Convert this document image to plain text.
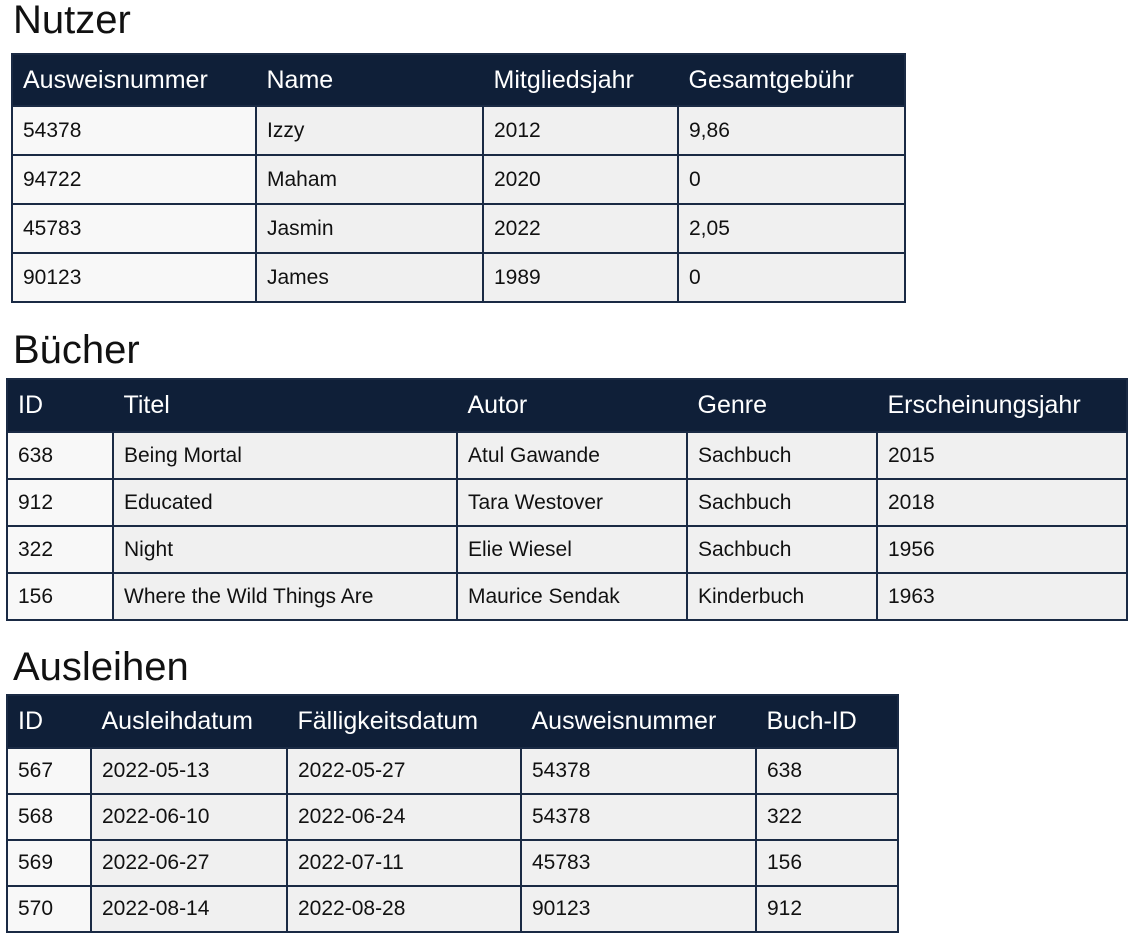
Nutzer
Ausweisnummer	Name	Mitgliedsjahr	Gesamtgebühr
54378	Izzy	2012	9,86
94722	Maham	2020	0
45783	Jasmin	2022	2,05
90123	James	1989	0
Bücher
ID	Titel	Autor	Genre	Erscheinungsjahr
638	Being Mortal	Atul Gawande	Sachbuch	2015
912	Educated	Tara Westover	Sachbuch	2018
322	Night	Elie Wiesel	Sachbuch	1956
156	Where the Wild Things Are	Maurice Sendak	Kinderbuch	1963
Ausleihen
ID	Ausleihdatum	Fälligkeitsdatum	Ausweisnummer	Buch-ID
567	2022-05-13	2022-05-27	54378	638
568	2022-06-10	2022-06-24	54378	322
569	2022-06-27	2022-07-11	45783	156
570	2022-08-14	2022-08-28	90123	912
